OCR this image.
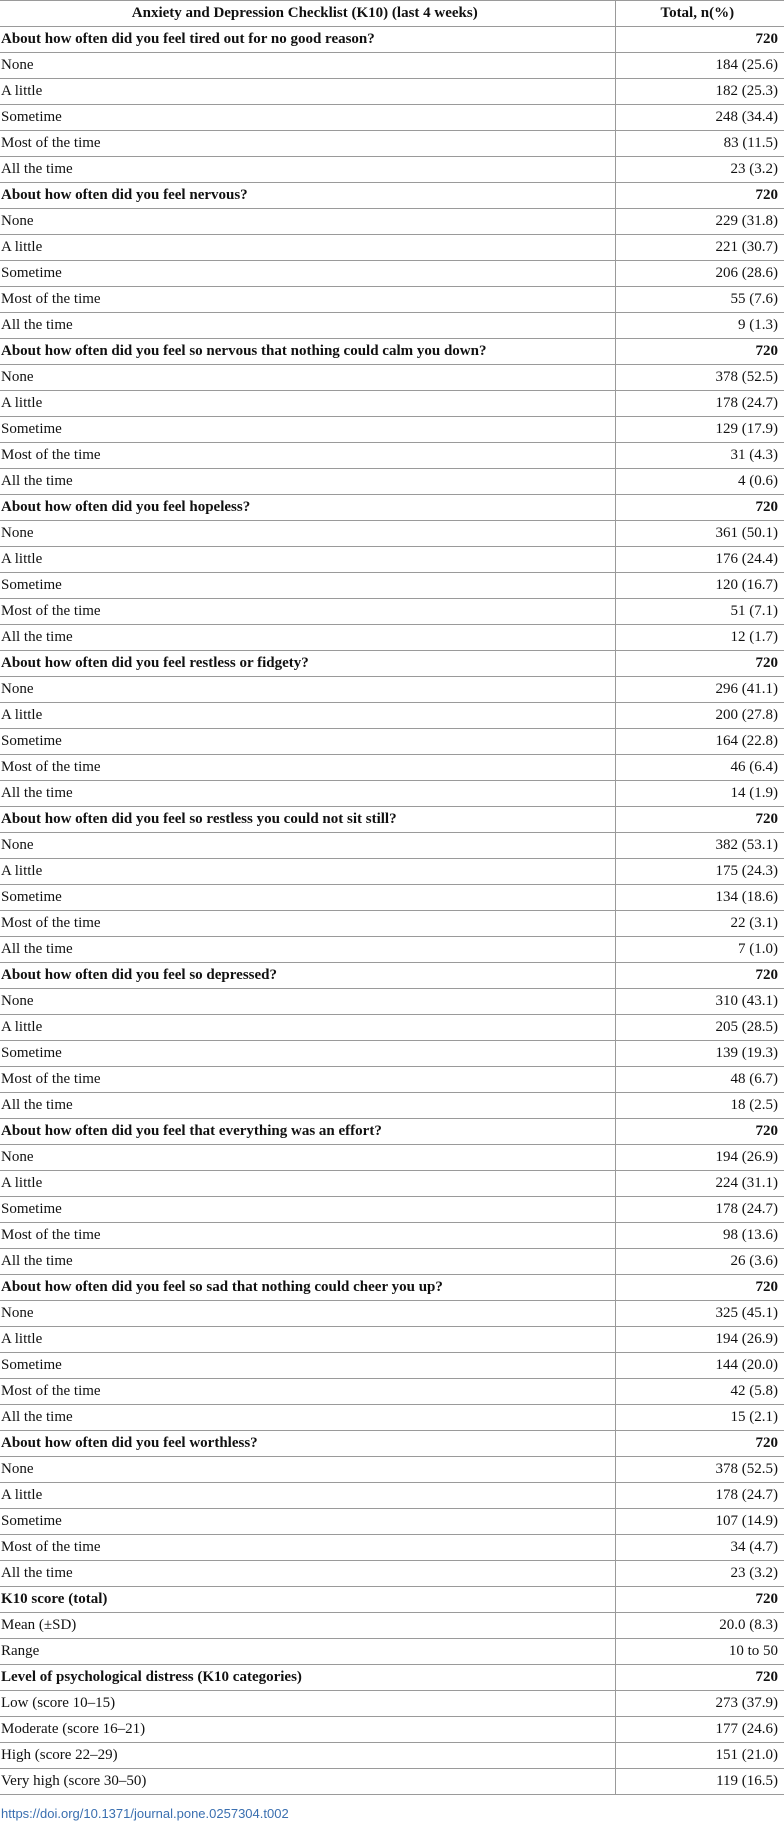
Anxiety and Depression Checklist (K10) (last 4 weeks)	Total, n(%)
About how often did you feel tired out for no good reason?	720
None	184 (25.6)
A little	182 (25.3)
Sometime	248 (34.4)
Most of the time	83 (11.5)
All the time	23 (3.2)
About how often did you feel nervous?	720
None	229 (31.8)
A little	221 (30.7)
Sometime	206 (28.6)
Most of the time	55 (7.6)
All the time	9 (1.3)
About how often did you feel so nervous that nothing could calm you down?	720
None	378 (52.5)
A little	178 (24.7)
Sometime	129 (17.9)
Most of the time	31 (4.3)
All the time	4 (0.6)
About how often did you feel hopeless?	720
None	361 (50.1)
A little	176 (24.4)
Sometime	120 (16.7)
Most of the time	51 (7.1)
All the time	12 (1.7)
About how often did you feel restless or fidgety?	720
None	296 (41.1)
A little	200 (27.8)
Sometime	164 (22.8)
Most of the time	46 (6.4)
All the time	14 (1.9)
About how often did you feel so restless you could not sit still?	720
None	382 (53.1)
A little	175 (24.3)
Sometime	134 (18.6)
Most of the time	22 (3.1)
All the time	7 (1.0)
About how often did you feel so depressed?	720
None	310 (43.1)
A little	205 (28.5)
Sometime	139 (19.3)
Most of the time	48 (6.7)
All the time	18 (2.5)
About how often did you feel that everything was an effort?	720
None	194 (26.9)
A little	224 (31.1)
Sometime	178 (24.7)
Most of the time	98 (13.6)
All the time	26 (3.6)
About how often did you feel so sad that nothing could cheer you up?	720
None	325 (45.1)
A little	194 (26.9)
Sometime	144 (20.0)
Most of the time	42 (5.8)
All the time	15 (2.1)
About how often did you feel worthless?	720
None	378 (52.5)
A little	178 (24.7)
Sometime	107 (14.9)
Most of the time	34 (4.7)
All the time	23 (3.2)
K10 score (total)	720
Mean (±SD)	20.0 (8.3)
Range	10 to 50
Level of psychological distress (K10 categories)	720
Low (score 10–15)	273 (37.9)
Moderate (score 16–21)	177 (24.6)
High (score 22–29)	151 (21.0)
Very high (score 30–50)	119 (16.5)
https://doi.org/10.1371/journal.pone.0257304.t002
